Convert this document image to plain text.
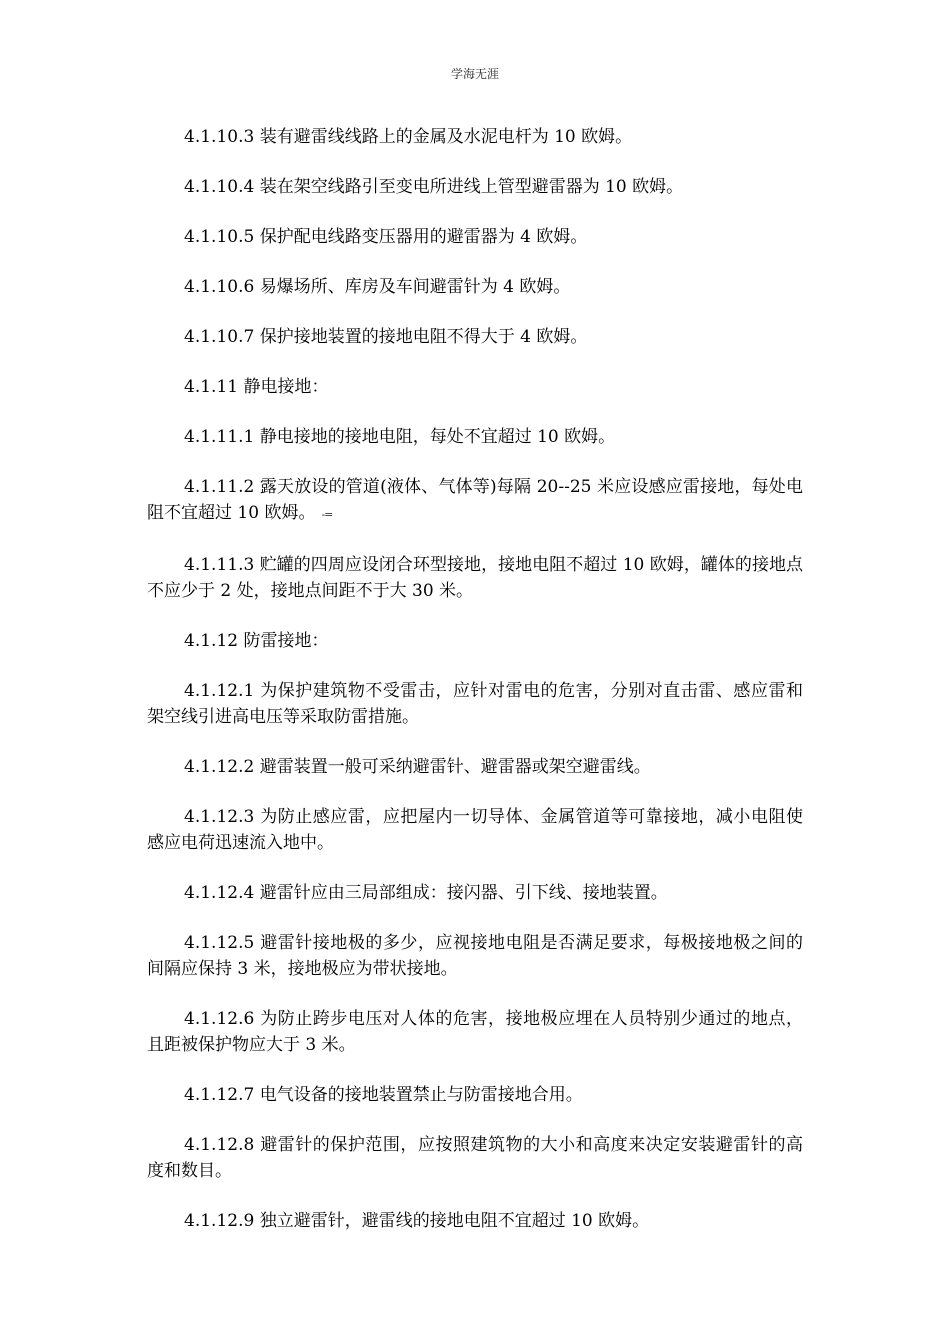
学海无涯

4.1.10.3 装有避雷线线路上的金属及水泥电杆为 10 欧姆。

4.1.10.4 装在架空线路引至变电所进线上管型避雷器为 10 欧姆。

4.1.10.5 保护配电线路变压器用的避雷器为 4 欧姆。

4.1.10.6 易爆场所、库房及车间避雷针为 4 欧姆。

4.1.10.7 保护接地装置的接地电阻不得大于 4 欧姆。

4.1.11 静电接地：

4.1.11.1 静电接地的接地电阻，每处不宜超过 10 欧姆。

4.1.11.2 露天放设的管道(液体、气体等)每隔 20--25 米应设感应雷接地，每处电阻不宜超过 10 欧姆。 -=

4.1.11.3 贮罐的四周应设闭合环型接地，接地电阻不超过 10 欧姆，罐体的接地点不应少于 2 处，接地点间距不于大 30 米。

4.1.12 防雷接地：

4.1.12.1 为保护建筑物不受雷击，应针对雷电的危害，分别对直击雷、感应雷和架空线引进高电压等采取防雷措施。

4.1.12.2 避雷装置一般可采纳避雷针、避雷器或架空避雷线。

4.1.12.3 为防止感应雷，应把屋内一切导体、金属管道等可靠接地，减小电阻使感应电荷迅速流入地中。

4.1.12.4 避雷针应由三局部组成：接闪器、引下线、接地装置。

4.1.12.5 避雷针接地极的多少，应视接地电阻是否满足要求，每极接地极之间的间隔应保持 3 米，接地极应为带状接地。

4.1.12.6 为防止跨步电压对人体的危害，接地极应埋在人员特别少通过的地点，且距被保护物应大于 3 米。

4.1.12.7 电气设备的接地装置禁止与防雷接地合用。

4.1.12.8 避雷针的保护范围，应按照建筑物的大小和高度来决定安装避雷针的高度和数目。

4.1.12.9 独立避雷针，避雷线的接地电阻不宜超过 10 欧姆。
